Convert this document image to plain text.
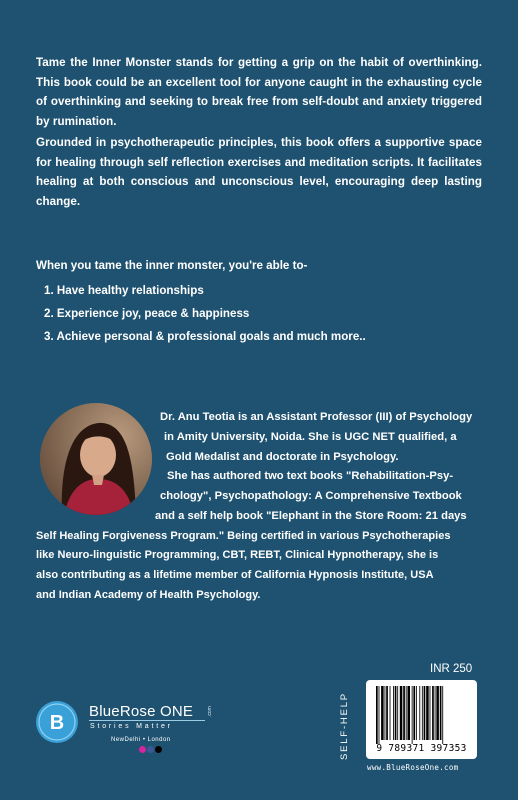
Tame the Inner Monster stands for getting a grip on the habit of overthinking. This book could be an excellent tool for anyone caught in the exhausting cycle of overthinking and seeking to break free from self-doubt and anxiety triggered by rumination.
Grounded in psychotherapeutic principles, this book offers a supportive space for healing through self reflection exercises and meditation scripts. It facilitates healing at both conscious and unconscious level, encouraging deep lasting change.
When you tame the inner monster, you're able to-
1. Have healthy relationships
2. Experience joy, peace & happiness
3. Achieve personal & professional goals and much more..
Dr. Anu Teotia is an Assistant Professor (III) of Psychology
in Amity University, Noida. She is UGC NET qualified, a
Gold Medalist and doctorate in Psychology.
She has authored two text books "Rehabilitation-Psy-
chology", Psychopathology: A Comprehensive Textbook
and a self help book "Elephant in the Store Room: 21 days
Self Healing Forgiveness Program." Being certified in various Psychotherapies
like Neuro-linguistic Programming, CBT, REBT, Clinical Hypnotherapy, she is
also contributing as a lifetime member of California Hypnosis Institute, USA
and Indian Academy of Health Psychology.
B
BlueRose ONE	.com
Stories Matter
NewDelhi • London	SELF-HELP
INR 250
9 789371 397353
www.BlueRoseOne.com
